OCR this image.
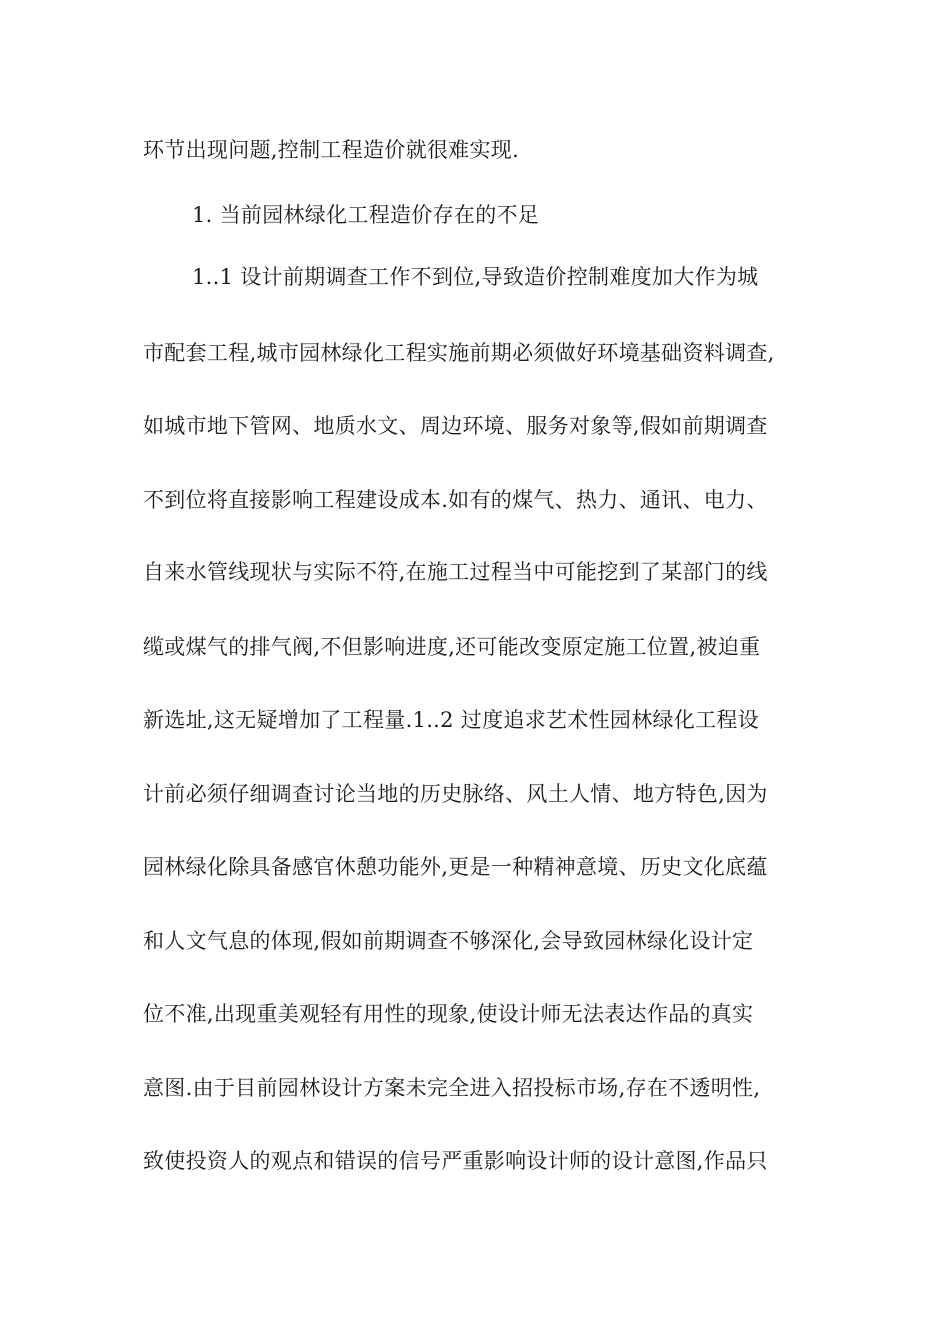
环节出现问题,控制工程造价就很难实现.
1. 当前园林绿化工程造价存在的不足
1..1 设计前期调查工作不到位,导致造价控制难度加大作为城
市配套工程,城市园林绿化工程实施前期必须做好环境基础资料调查,
如城市地下管网、地质水文、周边环境、服务对象等,假如前期调查
不到位将直接影响工程建设成本.如有的煤气、热力、通讯、电力、
自来水管线现状与实际不符,在施工过程当中可能挖到了某部门的线
缆或煤气的排气阀,不但影响进度,还可能改变原定施工位置,被迫重
新选址,这无疑增加了工程量.1..2 过度追求艺术性园林绿化工程设
计前必须仔细调查讨论当地的历史脉络、风土人情、地方特色,因为
园林绿化除具备感官休憩功能外,更是一种精神意境、历史文化底蕴
和人文气息的体现,假如前期调查不够深化,会导致园林绿化设计定
位不准,出现重美观轻有用性的现象,使设计师无法表达作品的真实
意图.由于目前园林设计方案未完全进入招投标市场,存在不透明性,
致使投资人的观点和错误的信号严重影响设计师的设计意图,作品只
